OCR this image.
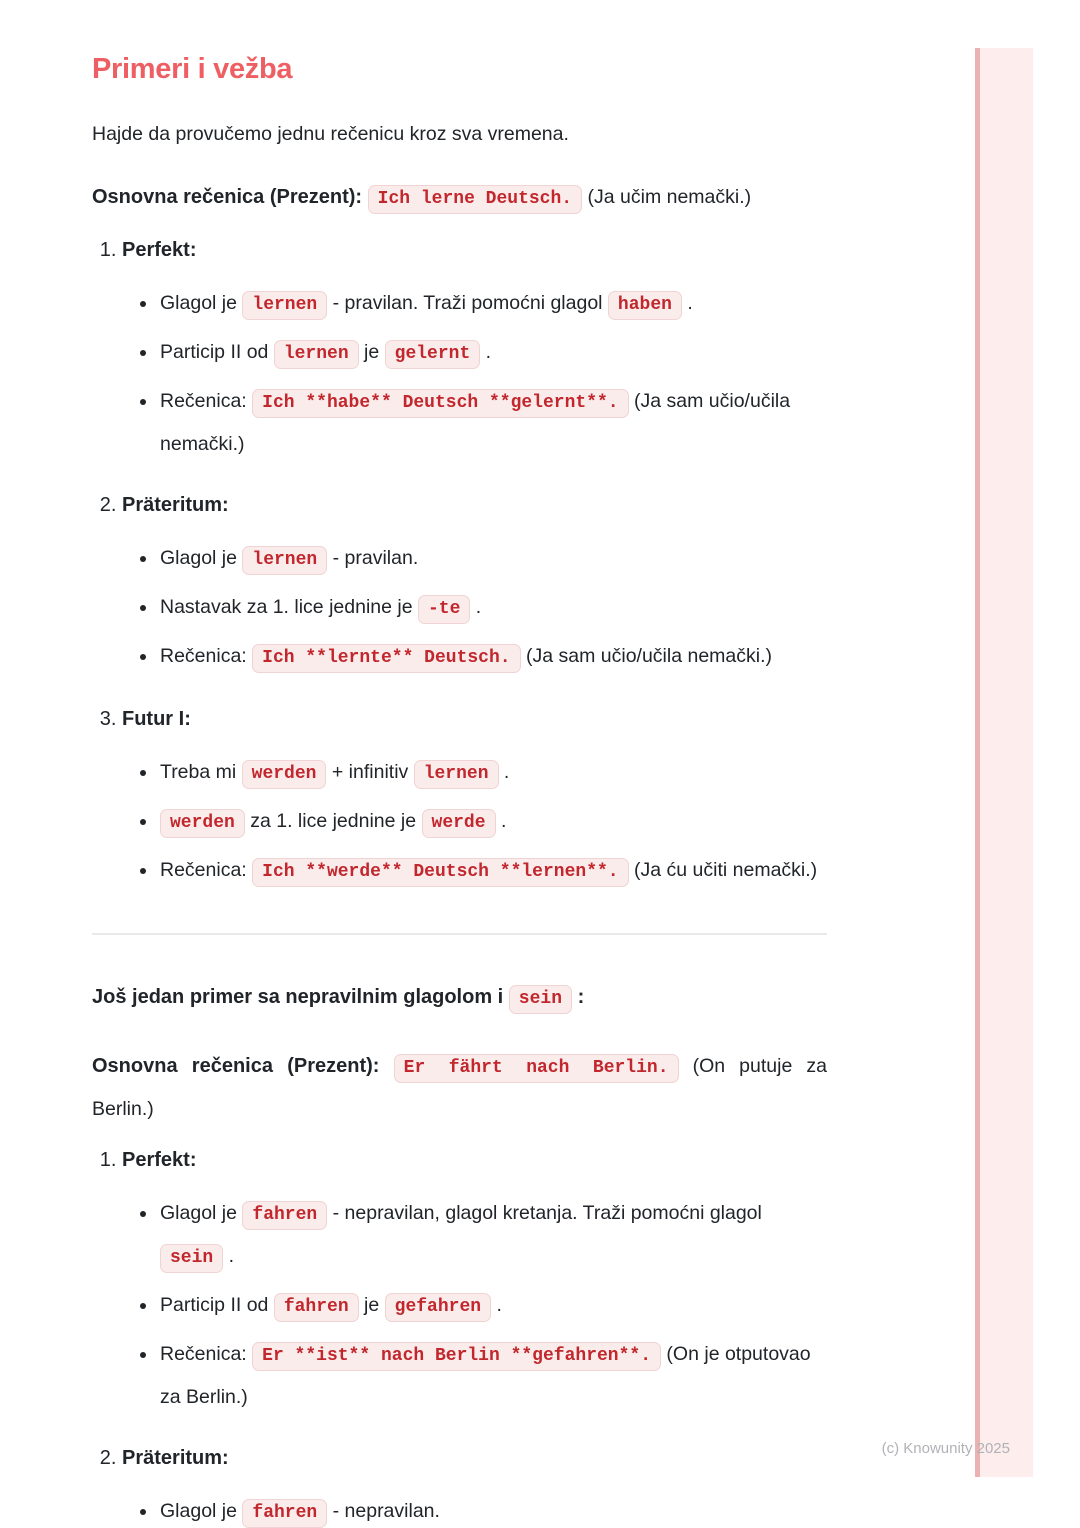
Primeri i vežba

Hajde da provučemo jednu rečenicu kroz sva vremena.

Osnovna rečenica (Prezent): Ich lerne Deutsch. (Ja učim nemački.)

1. Perfekt:
• Glagol je lernen - pravilan. Traži pomoćni glagol haben .
• Particip II od lernen je gelernt .
• Rečenica: Ich **habe** Deutsch **gelernt**. (Ja sam učio/učila nemački.)
2. Präteritum:
• Glagol je lernen - pravilan.
• Nastavak za 1. lice jednine je -te .
• Rečenica: Ich **lernte** Deutsch. (Ja sam učio/učila nemački.)
3. Futur I:
• Treba mi werden + infinitiv lernen .
• werden za 1. lice jednine je werde .
• Rečenica: Ich **werde** Deutsch **lernen**. (Ja ću učiti nemački.)

Još jedan primer sa nepravilnim glagolom i sein :

Osnovna rečenica (Prezent): Er fährt nach Berlin. (On putuje za Berlin.)

1. Perfekt:
• Glagol je fahren - nepravilan, glagol kretanja. Traži pomoćni glagol sein .
• Particip II od fahren je gefahren .
• Rečenica: Er **ist** nach Berlin **gefahren**. (On je otputovao za Berlin.)
2. Präteritum:
• Glagol je fahren - nepravilan.
(c) Knowunity 2025
